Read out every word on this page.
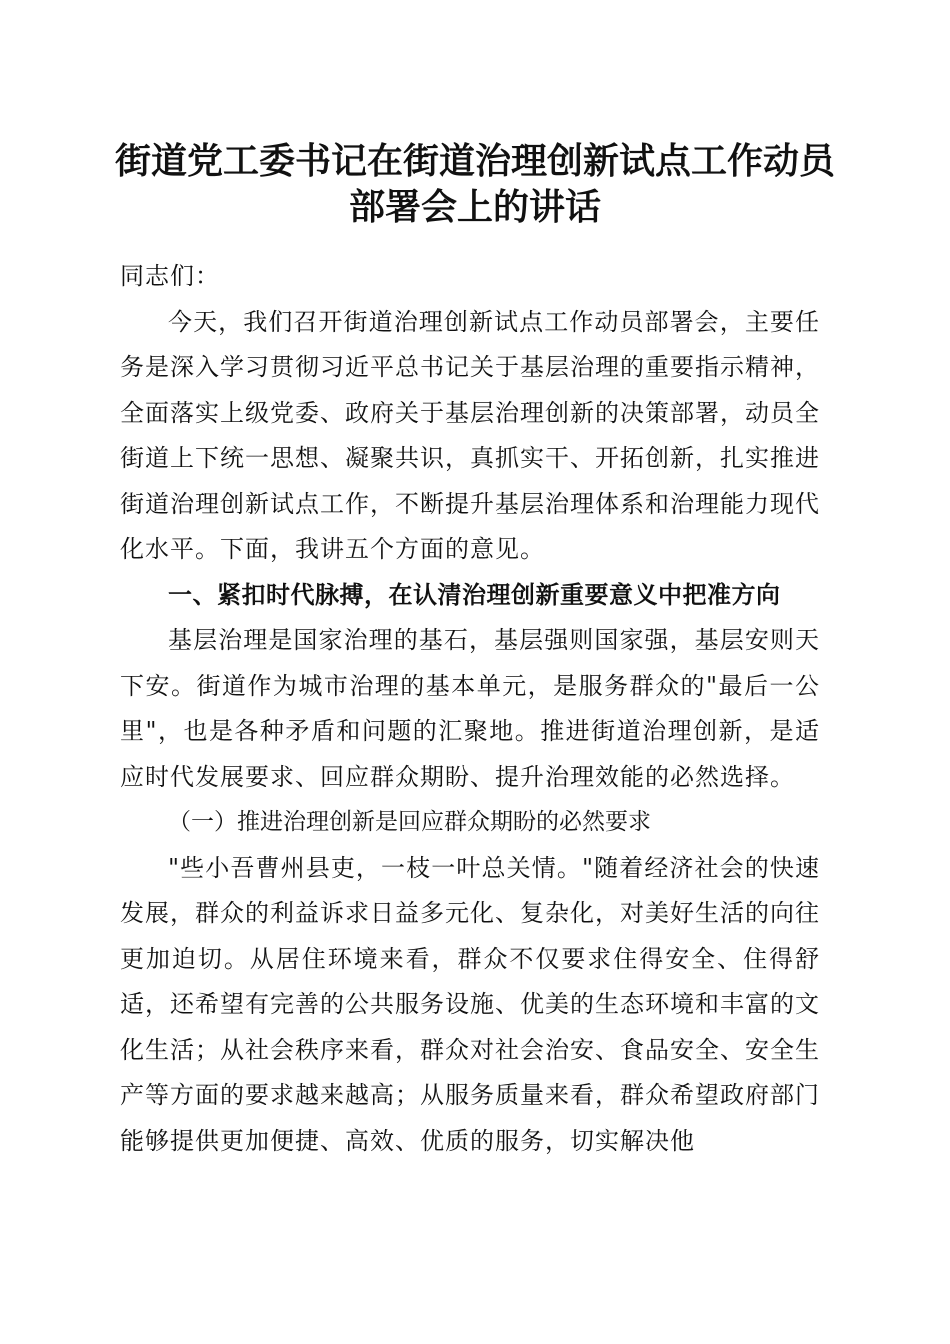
街道党工委书记在街道治理创新试点工作动员
部署会上的讲话

同志们：

今天，我们召开街道治理创新试点工作动员部署会，主要任务是深入学习贯彻习近平总书记关于基层治理的重要指示精神，全面落实上级党委、政府关于基层治理创新的决策部署，动员全街道上下统一思想、凝聚共识，真抓实干、开拓创新，扎实推进街道治理创新试点工作，不断提升基层治理体系和治理能力现代化水平。下面，我讲五个方面的意见。

一、紧扣时代脉搏，在认清治理创新重要意义中把准方向

基层治理是国家治理的基石，基层强则国家强，基层安则天下安。街道作为城市治理的基本单元，是服务群众的"最后一公里"，也是各种矛盾和问题的汇聚地。推进街道治理创新，是适应时代发展要求、回应群众期盼、提升治理效能的必然选择。

（一）推进治理创新是回应群众期盼的必然要求

"些小吾曹州县吏，一枝一叶总关情。"随着经济社会的快速发展，群众的利益诉求日益多元化、复杂化，对美好生活的向往更加迫切。从居住环境来看，群众不仅要求住得安全、住得舒适，还希望有完善的公共服务设施、优美的生态环境和丰富的文化生活；从社会秩序来看，群众对社会治安、食品安全、安全生产等方面的要求越来越高；从服务质量来看，群众希望政府部门能够提供更加便捷、高效、优质的服务，切实解决他
